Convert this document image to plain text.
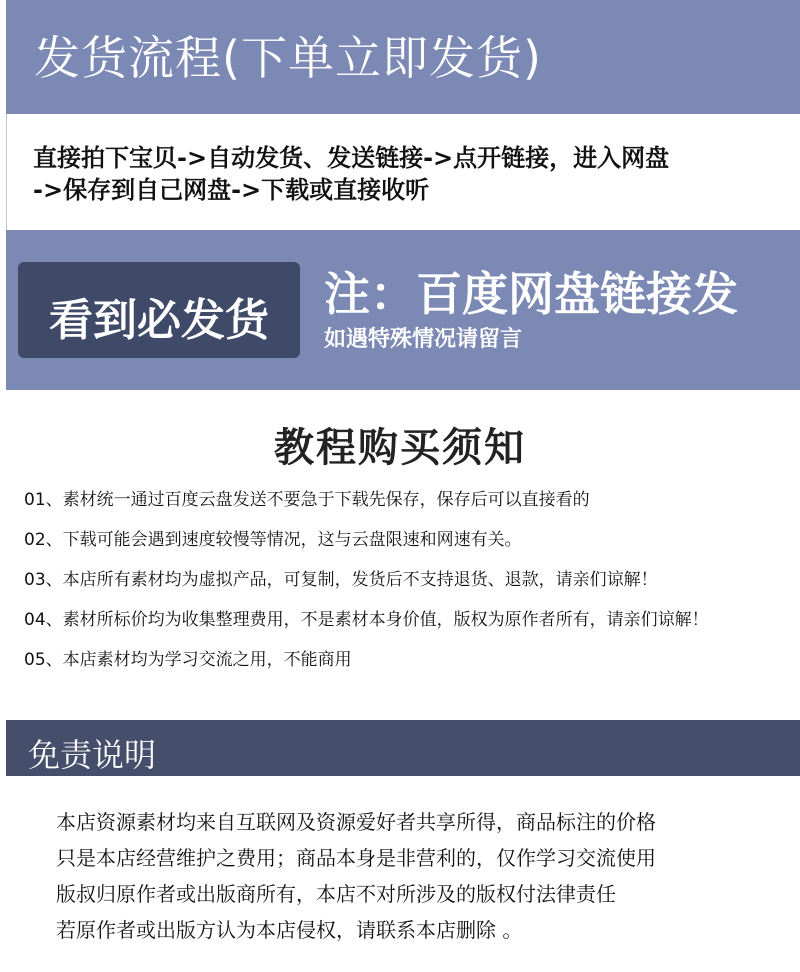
发货流程(下单立即发货)
直接拍下宝贝->自动发货、发送链接->点开链接，进入网盘
->保存到自己网盘->下载或直接收听
看到必发货	注：百度网盘链接发
如遇特殊情况请留言
教程购买须知
01、素材统一通过百度云盘发送不要急于下载先保存，保存后可以直接看的
02、下载可能会遇到速度较慢等情况，这与云盘限速和网速有关。
03、本店所有素材均为虚拟产品，可复制，发货后不支持退货、退款，请亲们谅解！
04、素材所标价均为收集整理费用，不是素材本身价值，版权为原作者所有，请亲们谅解！
05、本店素材均为学习交流之用，不能商用
免责说明
本店资源素材均来自互联网及资源爱好者共享所得，商品标注的价格
只是本店经营维护之费用；商品本身是非营利的，仅作学习交流使用
版叔归原作者或出版商所有，本店不对所涉及的版权付法律责任
若原作者或出版方认为本店侵权，请联系本店删除 。
